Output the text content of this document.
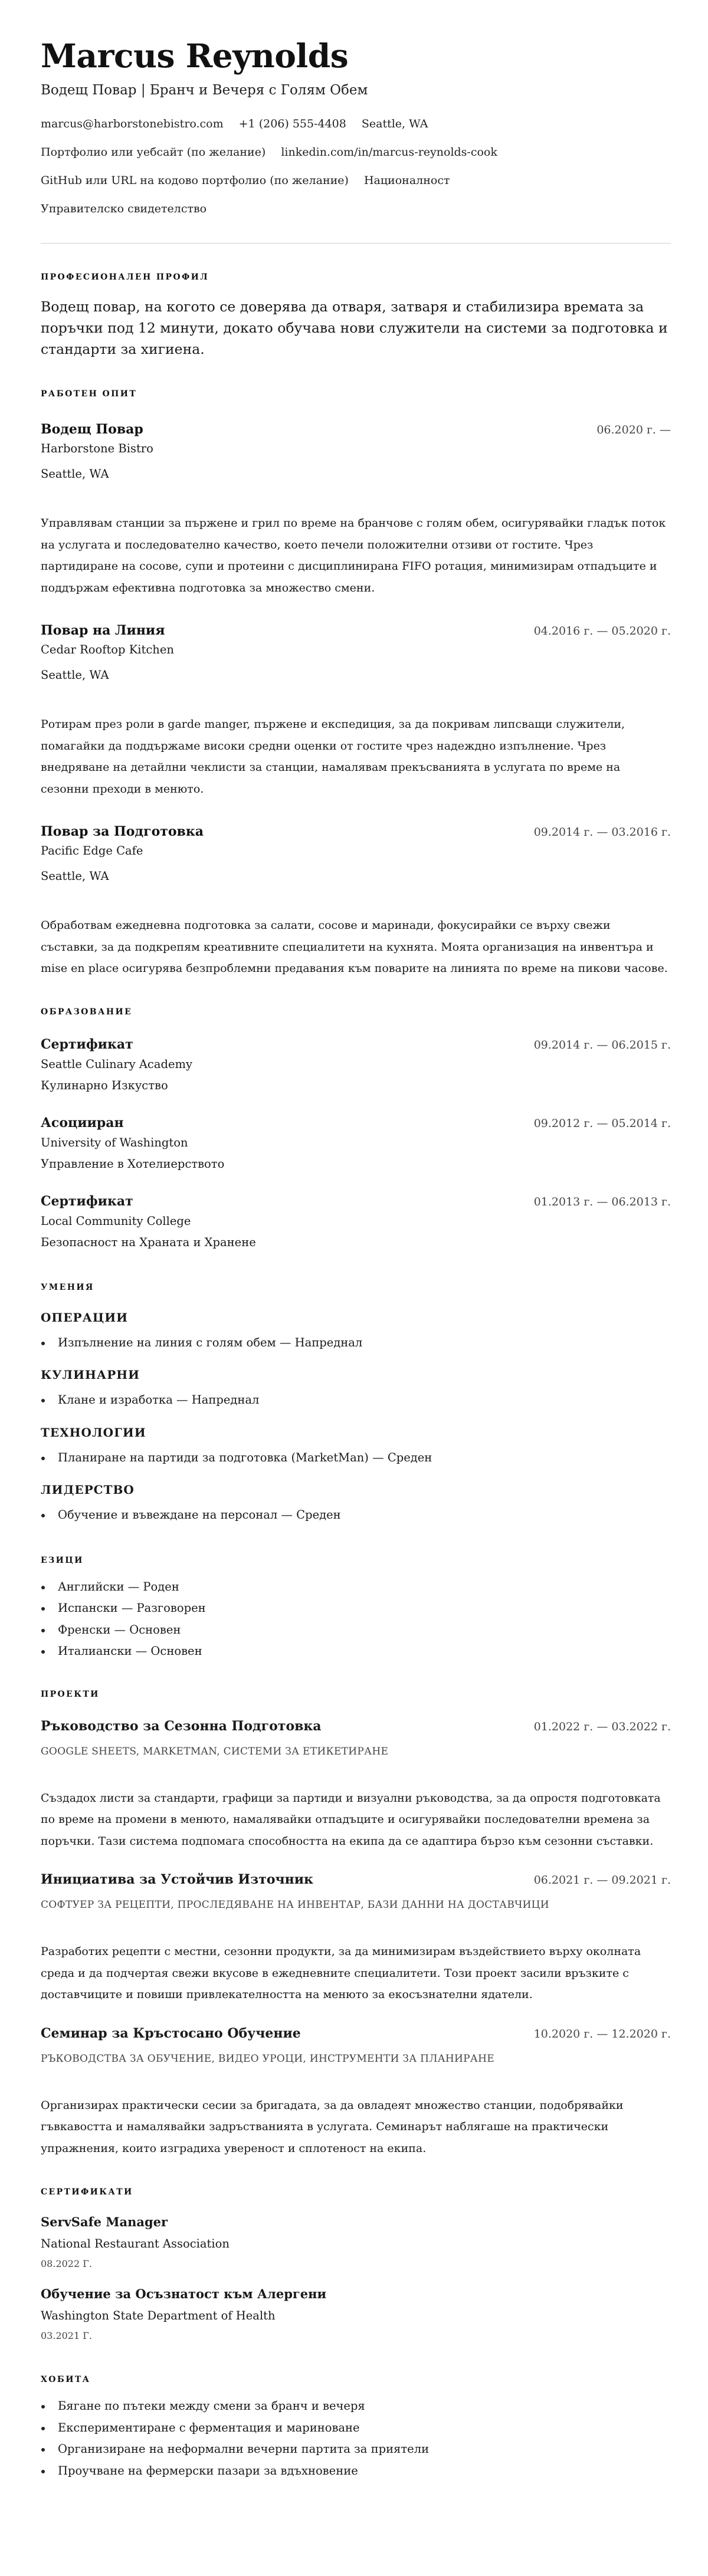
Marcus Reynolds
Водещ Повар | Бранч и Вечеря с Голям Обем
marcus@harborstonebistro.com +1 (206) 555-4408 Seattle, WA
Портфолио или уебсайт (по желание) linkedin.com/in/marcus-reynolds-cook
GitHub или URL на кодово портфолио (по желание) Националност
Управителско свидетелство
ПРОФЕСИОНАЛЕН ПРОФИЛ

Водещ повар, на когото се доверява да отваря, затваря и стабилизира времата за поръчки под 12 минути, докато обучава нови служители на системи за подготовка и стандарти за хигиена.

РАБОТЕН ОПИТ
Водещ Повар	06.2020 г. —
Harborstone Bistro
Seattle, WA

Управлявам станции за пържене и грил по време на бранчове с голям обем, осигурявайки гладък поток на услугата и последователно качество, което печели положителни отзиви от гостите. Чрез партидиране на сосове, супи и протеини с дисциплинирана FIFO ротация, минимизирам отпадъците и поддържам ефективна подготовка за множество смени.

Повар на Линия	04.2016 г. — 05.2020 г.
Cedar Rooftop Kitchen
Seattle, WA

Ротирам през роли в garde manger, пържене и експедиция, за да покривам липсващи служители, помагайки да поддържаме високи средни оценки от гостите чрез надеждно изпълнение. Чрез внедряване на детайлни чеклисти за станции, намалявам прекъсванията в услугата по време на сезонни преходи в менюто.

Повар за Подготовка	09.2014 г. — 03.2016 г.
Pacific Edge Cafe
Seattle, WA

Обработвам ежедневна подготовка за салати, сосове и маринади, фокусирайки се върху свежи съставки, за да подкрепям креативните специалитети на кухнята. Моята организация на инвентъра и mise en place осигурява безпроблемни предавания към поварите на линията по време на пикови часове.

ОБРАЗОВАНИЕ
Сертификат	09.2014 г. — 06.2015 г.
Seattle Culinary Academy
Кулинарно Изкуство
Асоцииран	09.2012 г. — 05.2014 г.
University of Washington
Управление в Хотелиерството
Сертификат	01.2013 г. — 06.2013 г.
Local Community College
Безопасност на Храната и Хранене
УМЕНИЯ
ОПЕРАЦИИ
Изпълнение на линия с голям обем — Напреднал
КУЛИНАРНИ
Клане и изработка — Напреднал
ТЕХНОЛОГИИ
Планиране на партиди за подготовка (MarketMan) — Среден
ЛИДЕРСТВО
Обучение и въвеждане на персонал — Среден
ЕЗИЦИ
Английски — Роден
Испански — Разговорен
Френски — Основен
Италиански — Основен
ПРОЕКТИ
Ръководство за Сезонна Подготовка	01.2022 г. — 03.2022 г.
GOOGLE SHEETS, MARKETMAN, СИСТЕМИ ЗА ЕТИКЕТИРАНЕ

Създадох листи за стандарти, графици за партиди и визуални ръководства, за да опростя подготовката по време на промени в менюто, намалявайки отпадъците и осигурявайки последователни времена за поръчки. Тази система подпомага способността на екипа да се адаптира бързо към сезонни съставки.

Инициатива за Устойчив Източник	06.2021 г. — 09.2021 г.
СОФТУЕР ЗА РЕЦЕПТИ, ПРОСЛЕДЯВАНЕ НА ИНВЕНТАР, БАЗИ ДАННИ НА ДОСТАВЧИЦИ

Разработих рецепти с местни, сезонни продукти, за да минимизирам въздействието върху околната среда и да подчертая свежи вкусове в ежедневните специалитети. Този проект засили връзките с доставчиците и повиши привлекателността на менюто за екосъзнателни ядатели.

Семинар за Кръстосано Обучение	10.2020 г. — 12.2020 г.
РЪКОВОДСТВА ЗА ОБУЧЕНИЕ, ВИДЕО УРОЦИ, ИНСТРУМЕНТИ ЗА ПЛАНИРАНЕ

Организирах практически сесии за бригадата, за да овладеят множество станции, подобрявайки гъвкавостта и намалявайки задръстванията в услугата. Семинарът наблягаше на практически упражнения, които изградиха увереност и сплотеност на екипа.

СЕРТИФИКАТИ
ServSafe Manager
National Restaurant Association
08.2022 Г.
Обучение за Осъзнатост към Алергени
Washington State Department of Health
03.2021 Г.
ХОБИТА
Бягане по пътеки между смени за бранч и вечеря
Експериментиране с ферментация и мариноване
Организиране на неформални вечерни партита за приятели
Проучване на фермерски пазари за вдъхновение
